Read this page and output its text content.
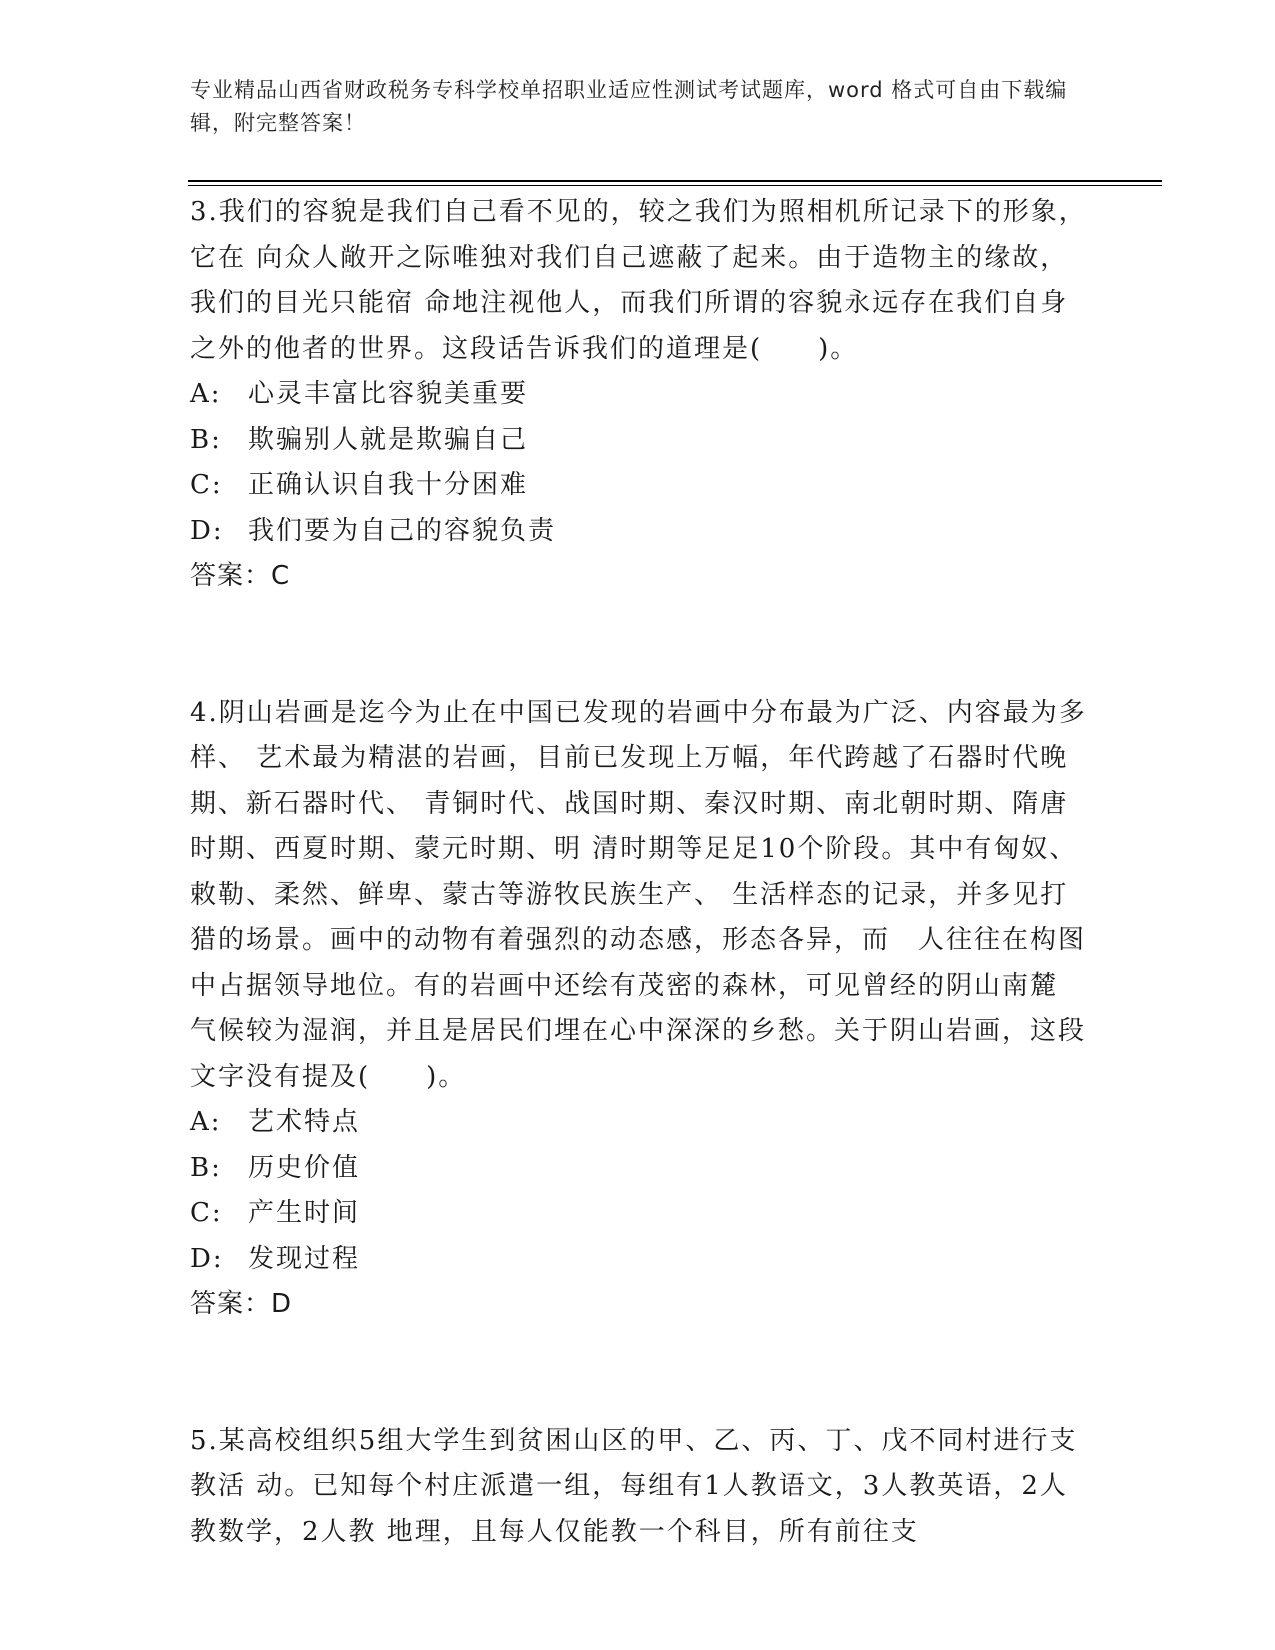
专业精品山西省财政税务专科学校单招职业适应性测试考试题库，word 格式可自由下载编辑，附完整答案！

3.我们的容貌是我们自己看不见的，较之我们为照相机所记录下的形象，它在 向众人敞开之际唯独对我们自己遮蔽了起来。由于造物主的缘故，我们的目光只能宿 命地注视他人，而我们所谓的容貌永远存在我们自身之外的他者的世界。这段话告诉我们的道理是(　　)。

A:	心灵丰富比容貌美重要
B:	欺骗别人就是欺骗自己
C: 正确认识自我十分困难
D: 我们要为自己的容貌负责

答案：C

4.阴山岩画是迄今为止在中国已发现的岩画中分布最为广泛、内容最为多样、 艺术最为精湛的岩画，目前已发现上万幅，年代跨越了石器时代晚期、新石器时代、 青铜时代、战国时期、秦汉时期、南北朝时期、隋唐时期、西夏时期、蒙元时期、明 清时期等足足10个阶段。其中有匈奴、敕勒、柔然、鲜卑、蒙古等游牧民族生产、 生活样态的记录，并多见打猎的场景。画中的动物有着强烈的动态感，形态各异，而　人往往在构图中占据领导地位。有的岩画中还绘有茂密的森林，可见曾经的阴山南麓　气候较为湿润，并且是居民们埋在心中深深的乡愁。关于阴山岩画，这段文字没有提及(　　)。

A:	艺术特点
B:	历史价值
C: 产生时间
D: 发现过程

答案：D

5.某高校组织5组大学生到贫困山区的甲、乙、丙、丁、戊不同村进行支教活 动。已知每个村庄派遣一组，每组有1人教语文，3人教英语，2人教数学，2人教 地理，且每人仅能教一个科目，所有前往支
